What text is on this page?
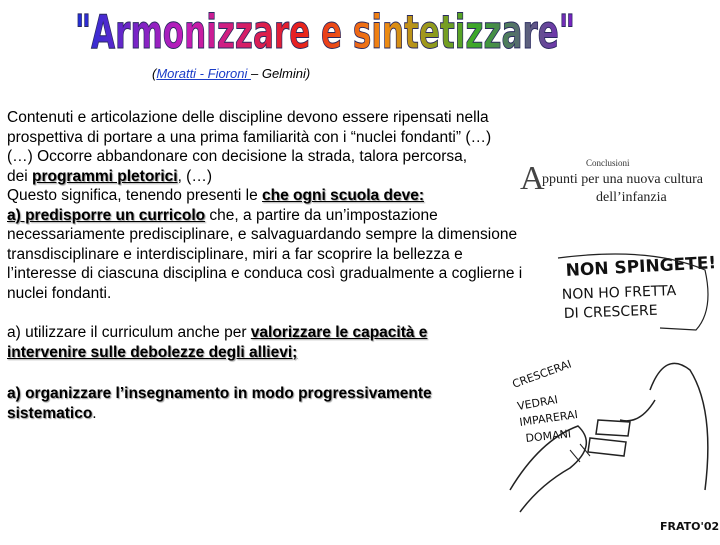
"Armonizzare e sintetizzare"
(Moratti - Fioroni – Gelmini)

Contenuti e articolazione delle discipline devono essere ripensati nella prospettiva di portare a una prima familiarità con i “nuclei fondanti” (…)

(…) Occorre abbandonare con decisione la strada, talora percorsa, dei programmi pletorici, (…)

Questo significa, tenendo presenti le che ogni scuola deve:

a) predisporre un curricolo che, a partire da un’impostazione necessariamente predisciplinare, e salvaguardando sempre la dimensione transdisciplinare e interdisciplinare, miri a far scoprire la bellezza e l’interesse di ciascuna disciplina e conduca così gradualmente a coglierne i nuclei fondanti.

a) utilizzare il curriculum anche per valorizzare le capacità e intervenire sulle debolezze degli allievi;

a) organizzare l’insegnamento in modo progressivamente sistematico.

Conclusioni
A
ppunti per una nuova cultura
dell’infanzia
NON SPINGETE!
NON HO FRETTA
DI CRESCERE
CRESCERAI
VEDRAI
IMPARERAI
DOMANI
FRATO'02
